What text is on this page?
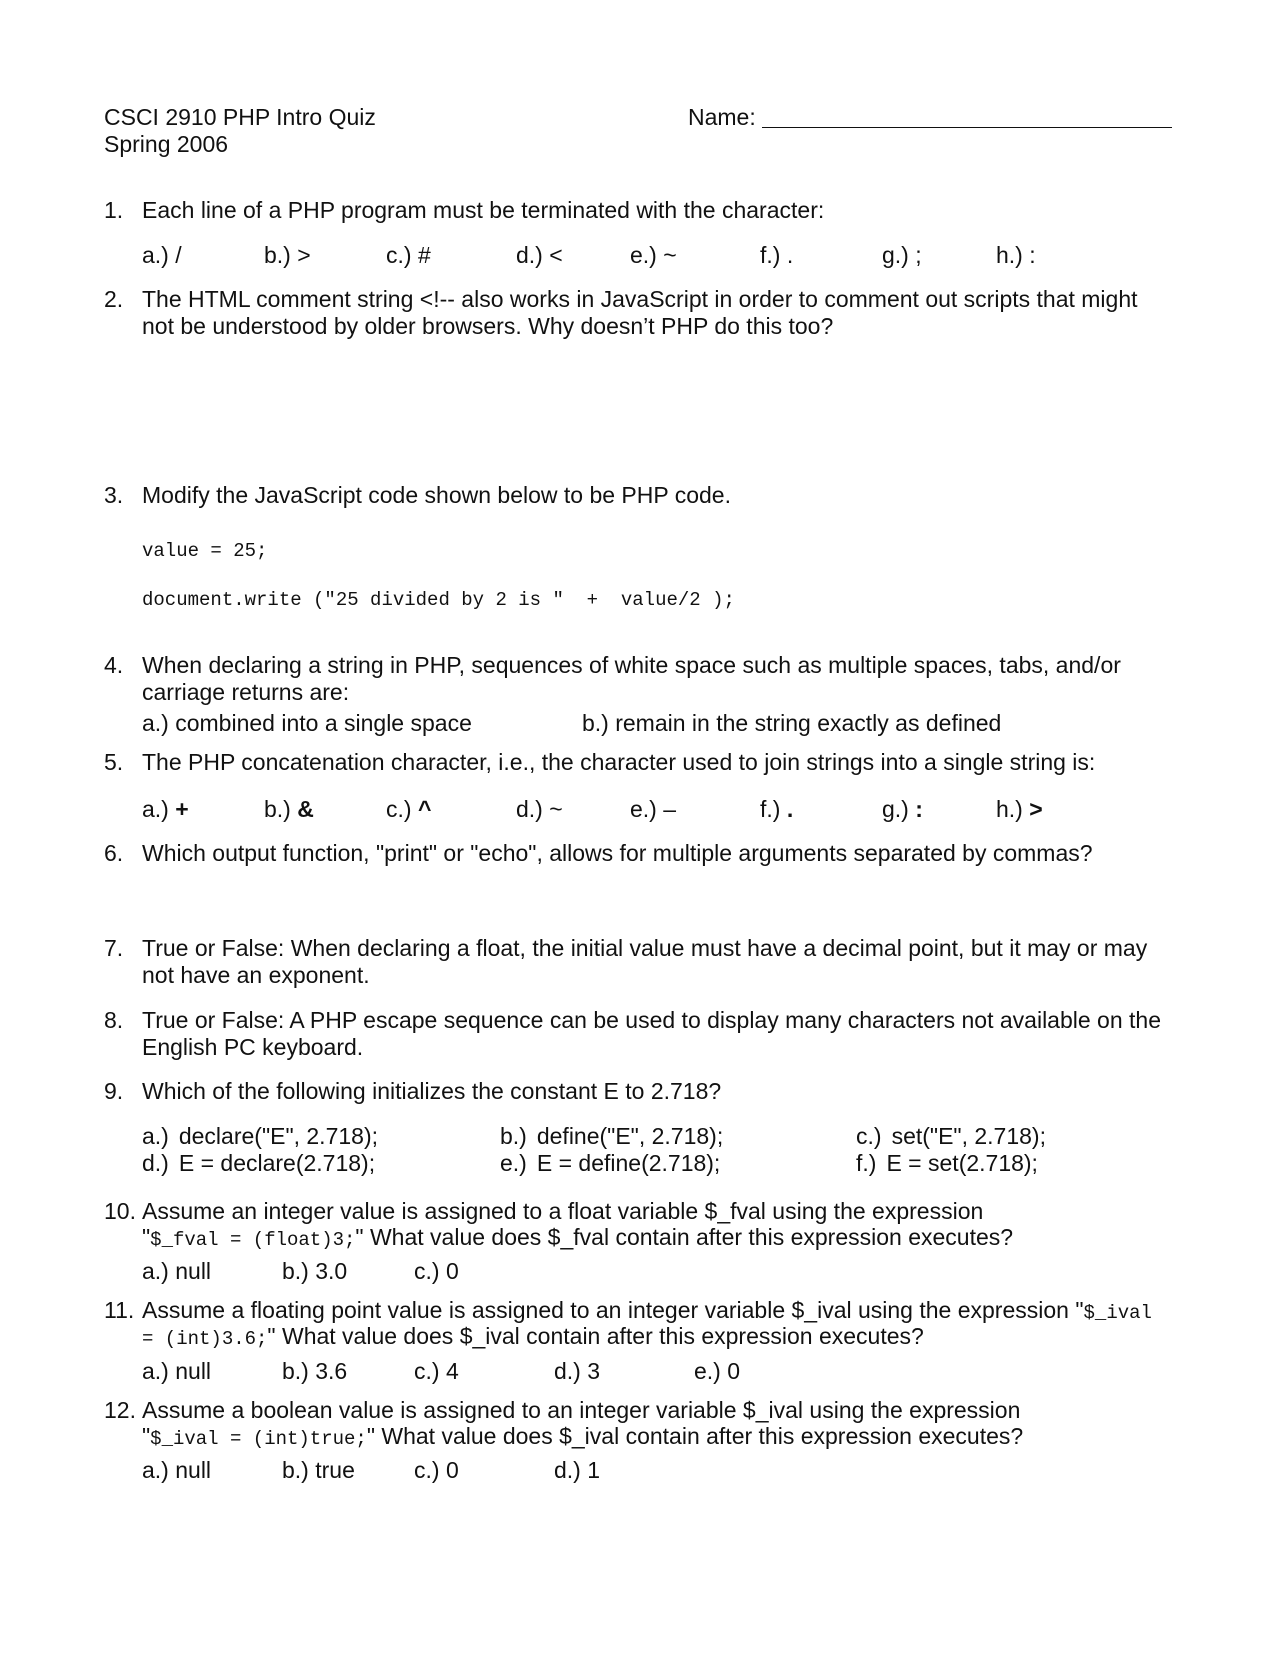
CSCI 2910 PHP Intro Quiz
Spring 2006
Name:
1. Each line of a PHP program must be terminated with the character:
a.) /	b.) >	c.) #	d.) <	e.) ~	f.) .	g.) ;	h.) :
2. The HTML comment string <!-- also works in JavaScript in order to comment out scripts that might
not be understood by older browsers. Why doesn’t PHP do this too?
3. Modify the JavaScript code shown below to be PHP code.
value = 25;
document.write ("25 divided by 2 is "  +  value/2 );
4. When declaring a string in PHP, sequences of white space such as multiple spaces, tabs, and/or
carriage returns are:
a.) combined into a single space	b.) remain in the string exactly as defined
5. The PHP concatenation character, i.e., the character used to join strings into a single string is:
a.) +	b.) &	c.) ^	d.) ~	e.) –	f.) .	g.) :	h.) >
6. Which output function, "print" or "echo", allows for multiple arguments separated by commas?
7. True or False: When declaring a float, the initial value must have a decimal point, but it may or may
not have an exponent.
8. True or False: A PHP escape sequence can be used to display many characters not available on the
English PC keyboard.
9. Which of the following initializes the constant E to 2.718?
a.) declare("E", 2.718);	b.) define("E", 2.718);	c.) set("E", 2.718);
d.) E = declare(2.718);	e.) E = define(2.718);	f.) E = set(2.718);
10. Assume an integer value is assigned to a float variable $_fval using the expression
"$_fval = (float)3;" What value does $_fval contain after this expression executes?
a.) null	b.) 3.0	c.) 0
11. Assume a floating point value is assigned to an integer variable $_ival using the expression "$_ival
= (int)3.6;" What value does $_ival contain after this expression executes?
a.) null	b.) 3.6	c.) 4	d.) 3	e.) 0
12. Assume a boolean value is assigned to an integer variable $_ival using the expression
"$_ival = (int)true;" What value does $_ival contain after this expression executes?
a.) null	b.) true	c.) 0	d.) 1
